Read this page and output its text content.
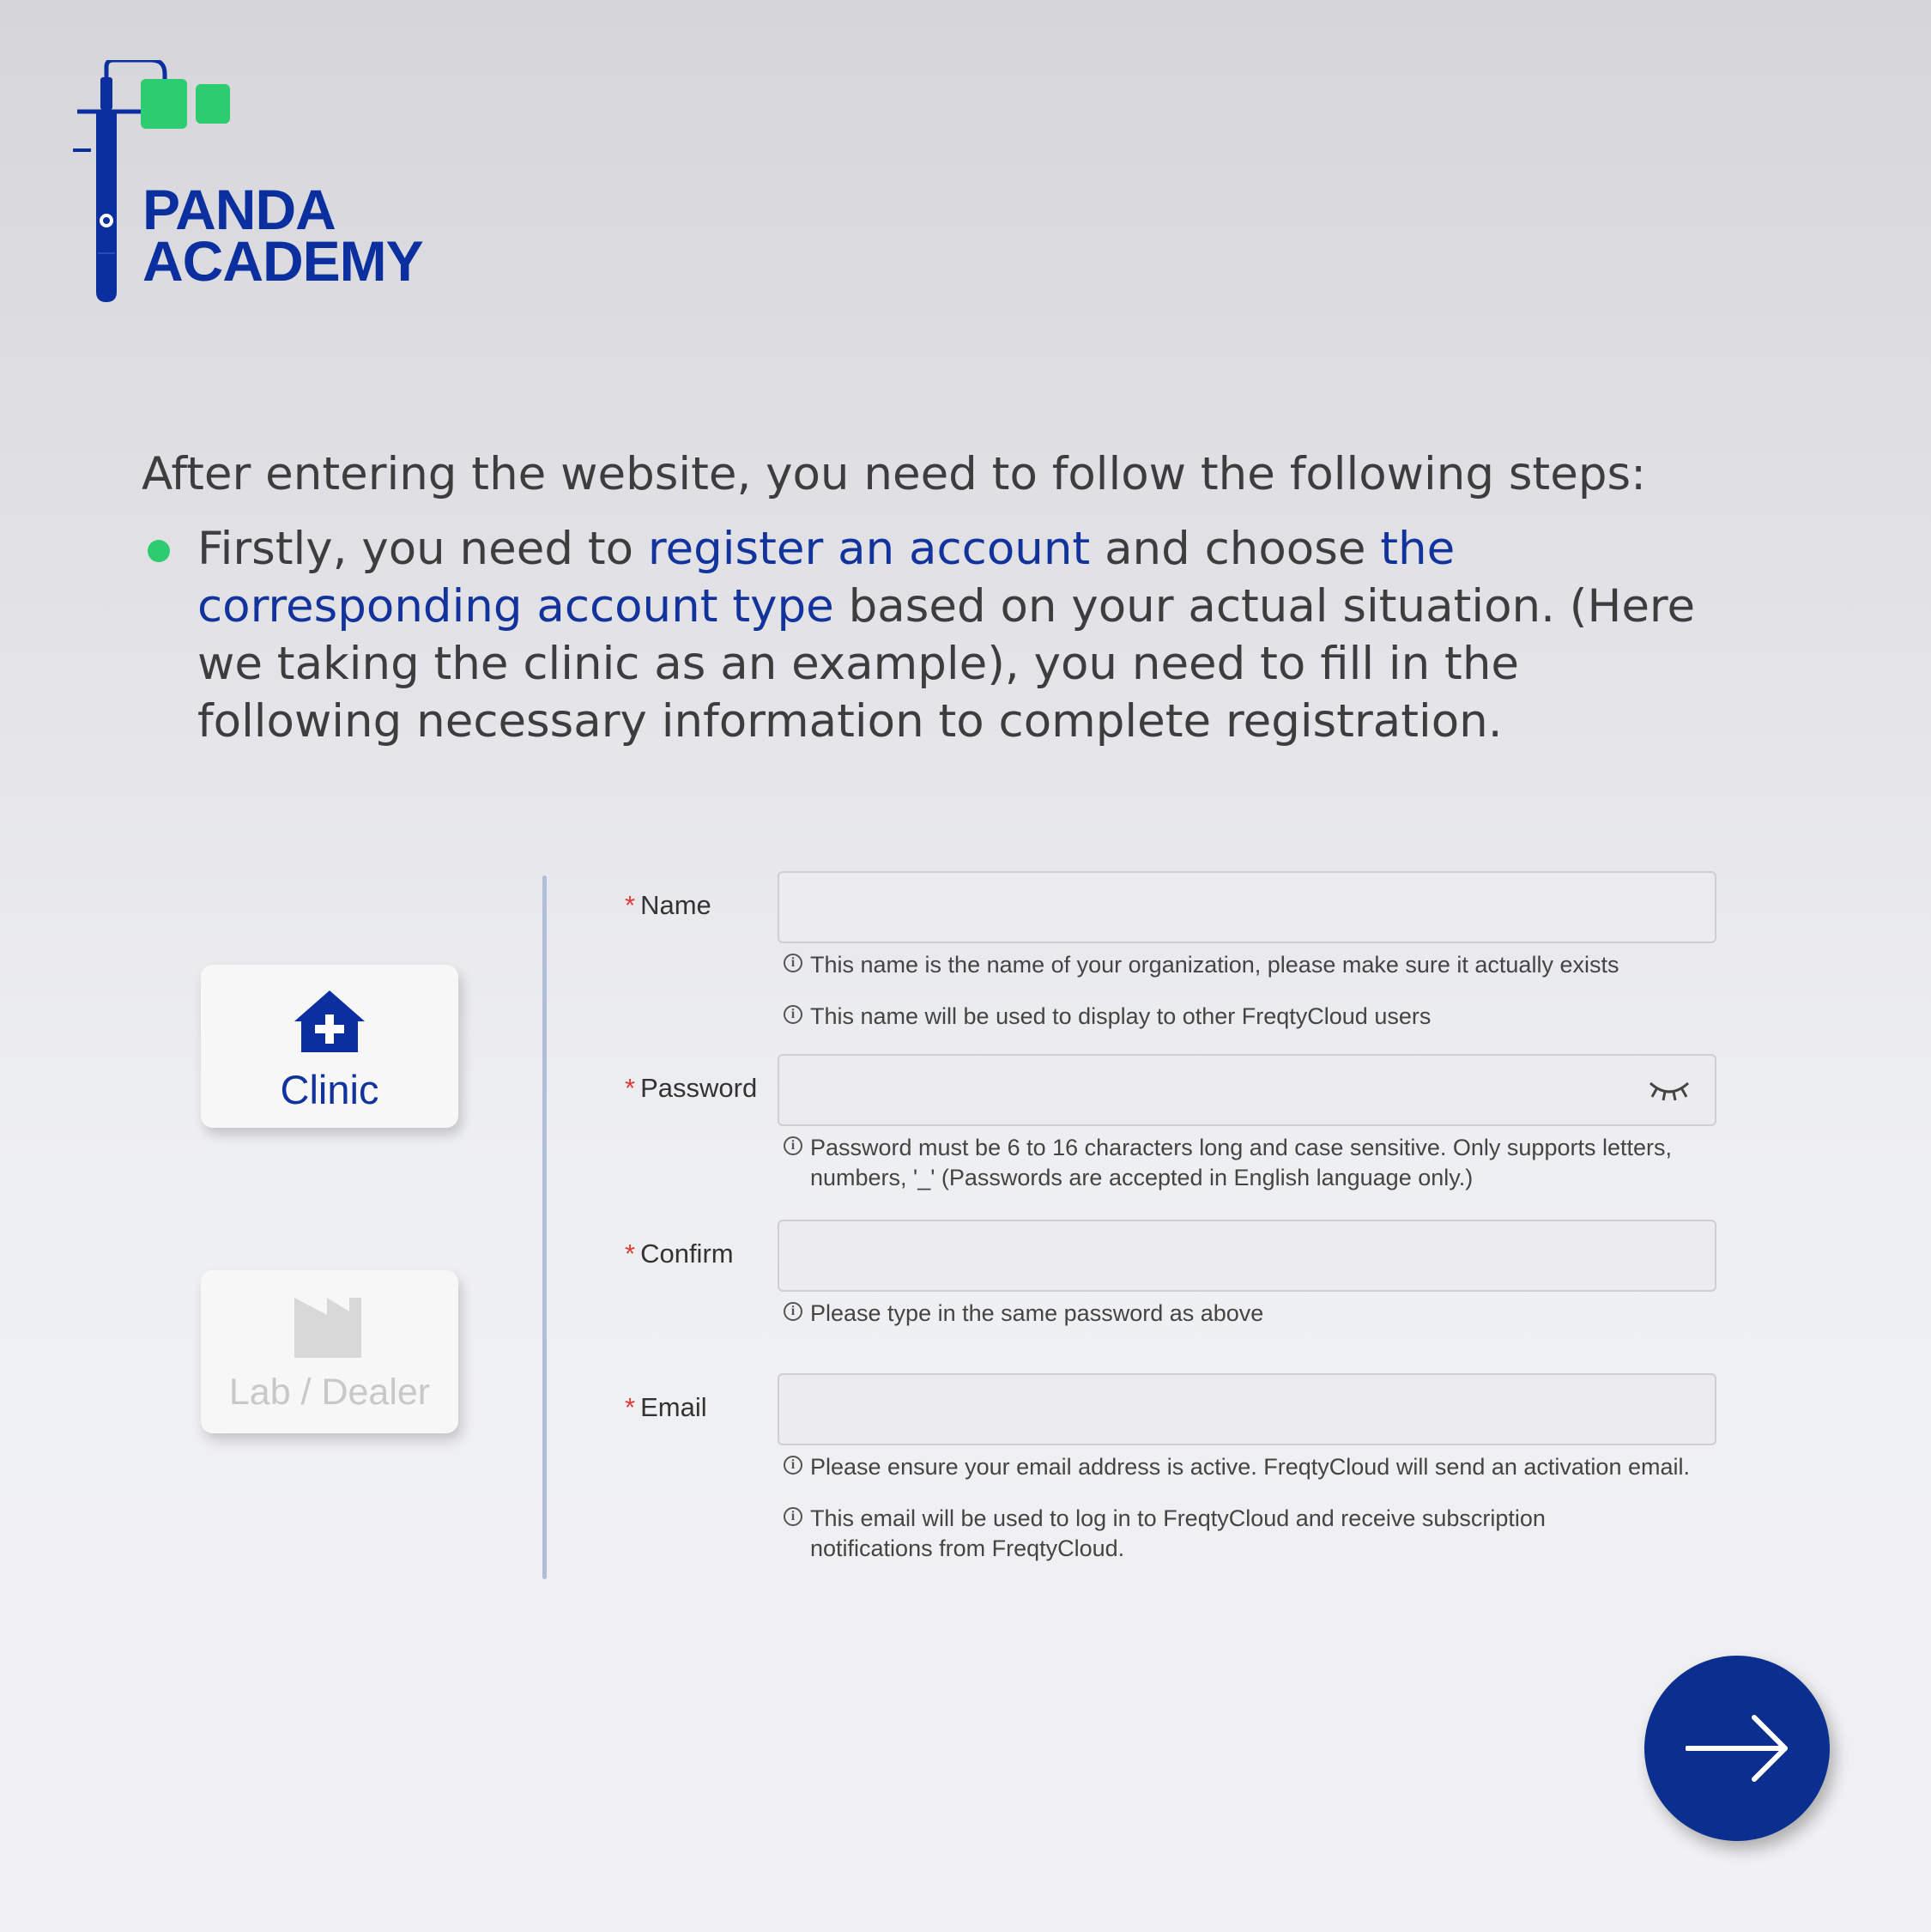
PANDA
ACADEMY

After entering the website, you need to follow the following steps:

Firstly, you need to register an account and choose the corresponding account type based on your actual situation. (Here we taking the clinic as an example), you need to fill in the following necessary information to complete registration.

Clinic
Lab / Dealer
* Name
i This name is the name of your organization, please make sure it actually exists
i This name will be used to display to other FreqtyCloud users
* Password
i Password must be 6 to 16 characters long and case sensitive. Only supports letters, numbers, '_' (Passwords are accepted in English language only.)
* Confirm
i Please type in the same password as above
* Email
i Please ensure your email address is active. FreqtyCloud will send an activation email.
i This email will be used to log in to FreqtyCloud and receive subscription notifications from FreqtyCloud.
